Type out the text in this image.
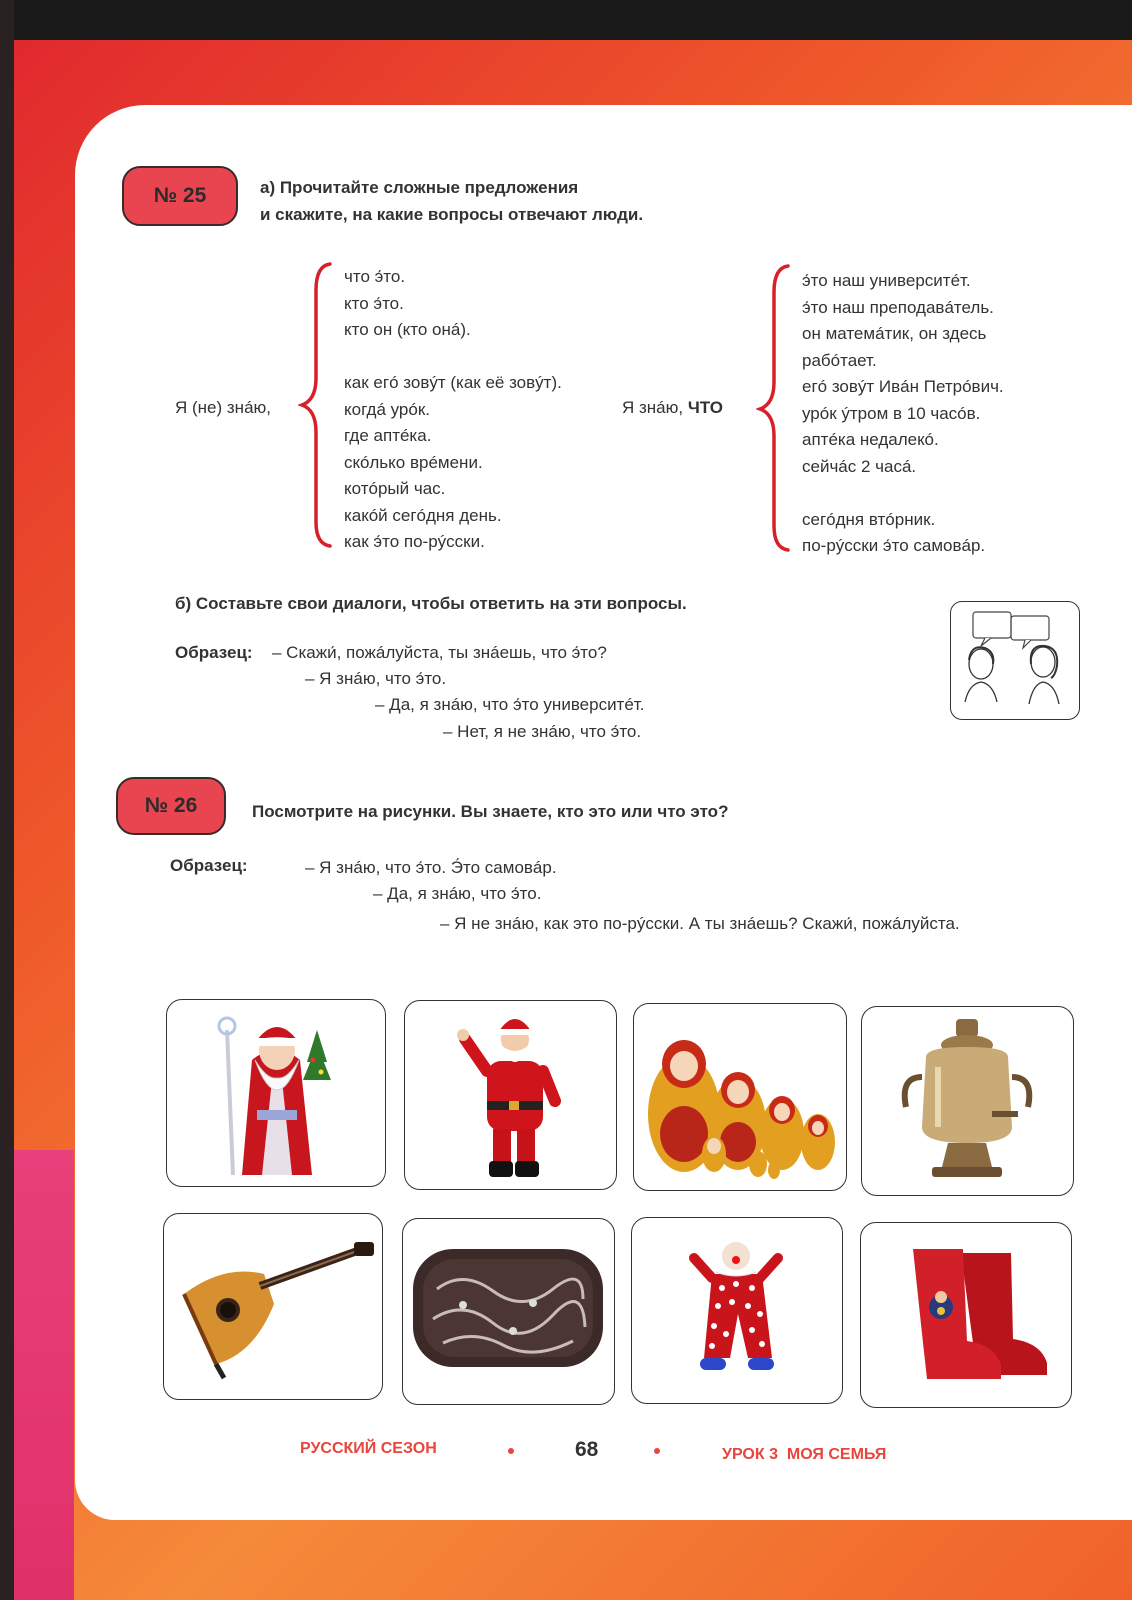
№ 25	а) Прочитайте сложные предложения
и скажите, на какие вопросы отвечают люди.
Я (не) знáю,
что э́то.
кто э́то.
кто он (кто онá).
как егó зовýт (как её зовýт).
когдá урóк.
где аптéка.
скóлько врéмени.
котóрый час.
какóй сегóдня день.
как э́то по-рýсски.
Я знáю, ЧТО
э́то наш университéт.
э́то наш преподавáтель.
он матемáтик, он здесь
рабóтает.
егó зовýт Ивáн Петрóвич.
урóк ýтром в 10 часóв.
аптéка недалекó.
сейчáс 2 часá.
сегóдня втóрник.
по-рýсски э́то самовáр.
б) Составьте свои диалоги, чтобы ответить на эти вопросы.
Образец: – Скажи́, пожáлуйста, ты знáешь, что э́то?
– Я знáю, что э́то.
– Да, я знáю, что э́то университéт.
– Нет, я не знáю, что э́то.
№ 26	Посмотрите на рисунки. Вы знаете, кто это или что это?
Образец:	– Я знáю, что э́то. Э́то самовáр.
– Да, я знáю, что э́то.
– Я не знáю, как это по-рýсски. А ты знáешь? Скажи́, пожáлуйста.
РУССКИЙ СЕЗОН	68	УРОК 3  МОЯ СЕМЬЯ
